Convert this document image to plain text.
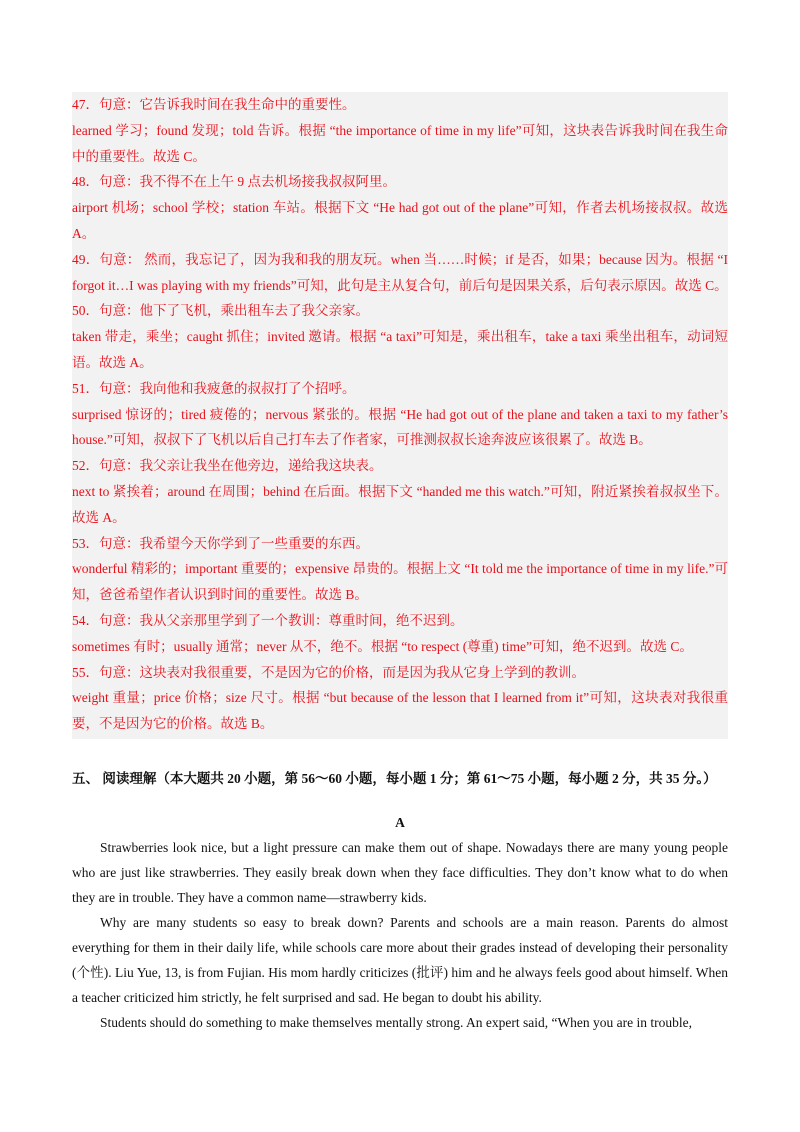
47．句意：它告诉我时间在我生命中的重要性。

learned 学习；found 发现；told 告诉。根据 “the importance of time in my life”可知，这块表告诉我时间在我生命中的重要性。故选 C。

48．句意：我不得不在上午 9 点去机场接我叔叔阿里。

airport 机场；school 学校；station 车站。根据下文 “He had got out of the plane”可知，作者去机场接叔叔。故选 A。

49．句意： 然而，我忘记了，因为我和我的朋友玩。when 当……时候；if 是否，如果；because 因为。根据 “I forgot it…I was playing with my friends”可知，此句是主从复合句，前后句是因果关系，后句表示原因。故选 C。

50．句意：他下了飞机，乘出租车去了我父亲家。

taken 带走，乘坐；caught 抓住；invited 邀请。根据 “a taxi”可知是，乘出租车，take a taxi 乘坐出租车，动词短语。故选 A。

51．句意：我向他和我疲惫的叔叔打了个招呼。

surprised 惊讶的；tired 疲倦的；nervous 紧张的。根据 “He had got out of the plane and taken a taxi to my father’s house.”可知，叔叔下了飞机以后自己打车去了作者家，可推测叔叔长途奔波应该很累了。故选 B。

52．句意：我父亲让我坐在他旁边，递给我这块表。

next to 紧挨着；around 在周围；behind 在后面。根据下文 “handed me this watch.”可知，附近紧挨着叔叔坐下。故选 A。

53．句意：我希望今天你学到了一些重要的东西。

wonderful 精彩的；important 重要的；expensive 昂贵的。根据上文 “It told me the importance of time in my life.”可知，爸爸希望作者认识到时间的重要性。故选 B。

54．句意：我从父亲那里学到了一个教训：尊重时间，绝不迟到。

sometimes 有时；usually 通常；never 从不，绝不。根据 “to respect (尊重) time”可知，绝不迟到。故选 C。

55．句意：这块表对我很重要，不是因为它的价格，而是因为我从它身上学到的教训。

weight 重量；price 价格；size 尺寸。根据 “but because of the lesson that I learned from it”可知，这块表对我很重要，不是因为它的价格。故选 B。

五、 阅读理解（本大题共 20 小题，第 56～60 小题，每小题 1 分；第 61～75 小题，每小题 2 分，共 35 分。）
A

Strawberries look nice, but a light pressure can make them out of shape. Nowadays there are many young people who are just like strawberries. They easily break down when they face difficulties. They don’t know what to do when they are in trouble. They have a common name—strawberry kids.

Why are many students so easy to break down? Parents and schools are a main reason. Parents do almost everything for them in their daily life, while schools care more about their grades instead of developing their personality (个性). Liu Yue, 13, is from Fujian. His mom hardly criticizes (批评) him and he always feels good about himself. When a teacher criticized him strictly, he felt surprised and sad. He began to doubt his ability.

Students should do something to make themselves mentally strong. An expert said, “When you are in trouble,
